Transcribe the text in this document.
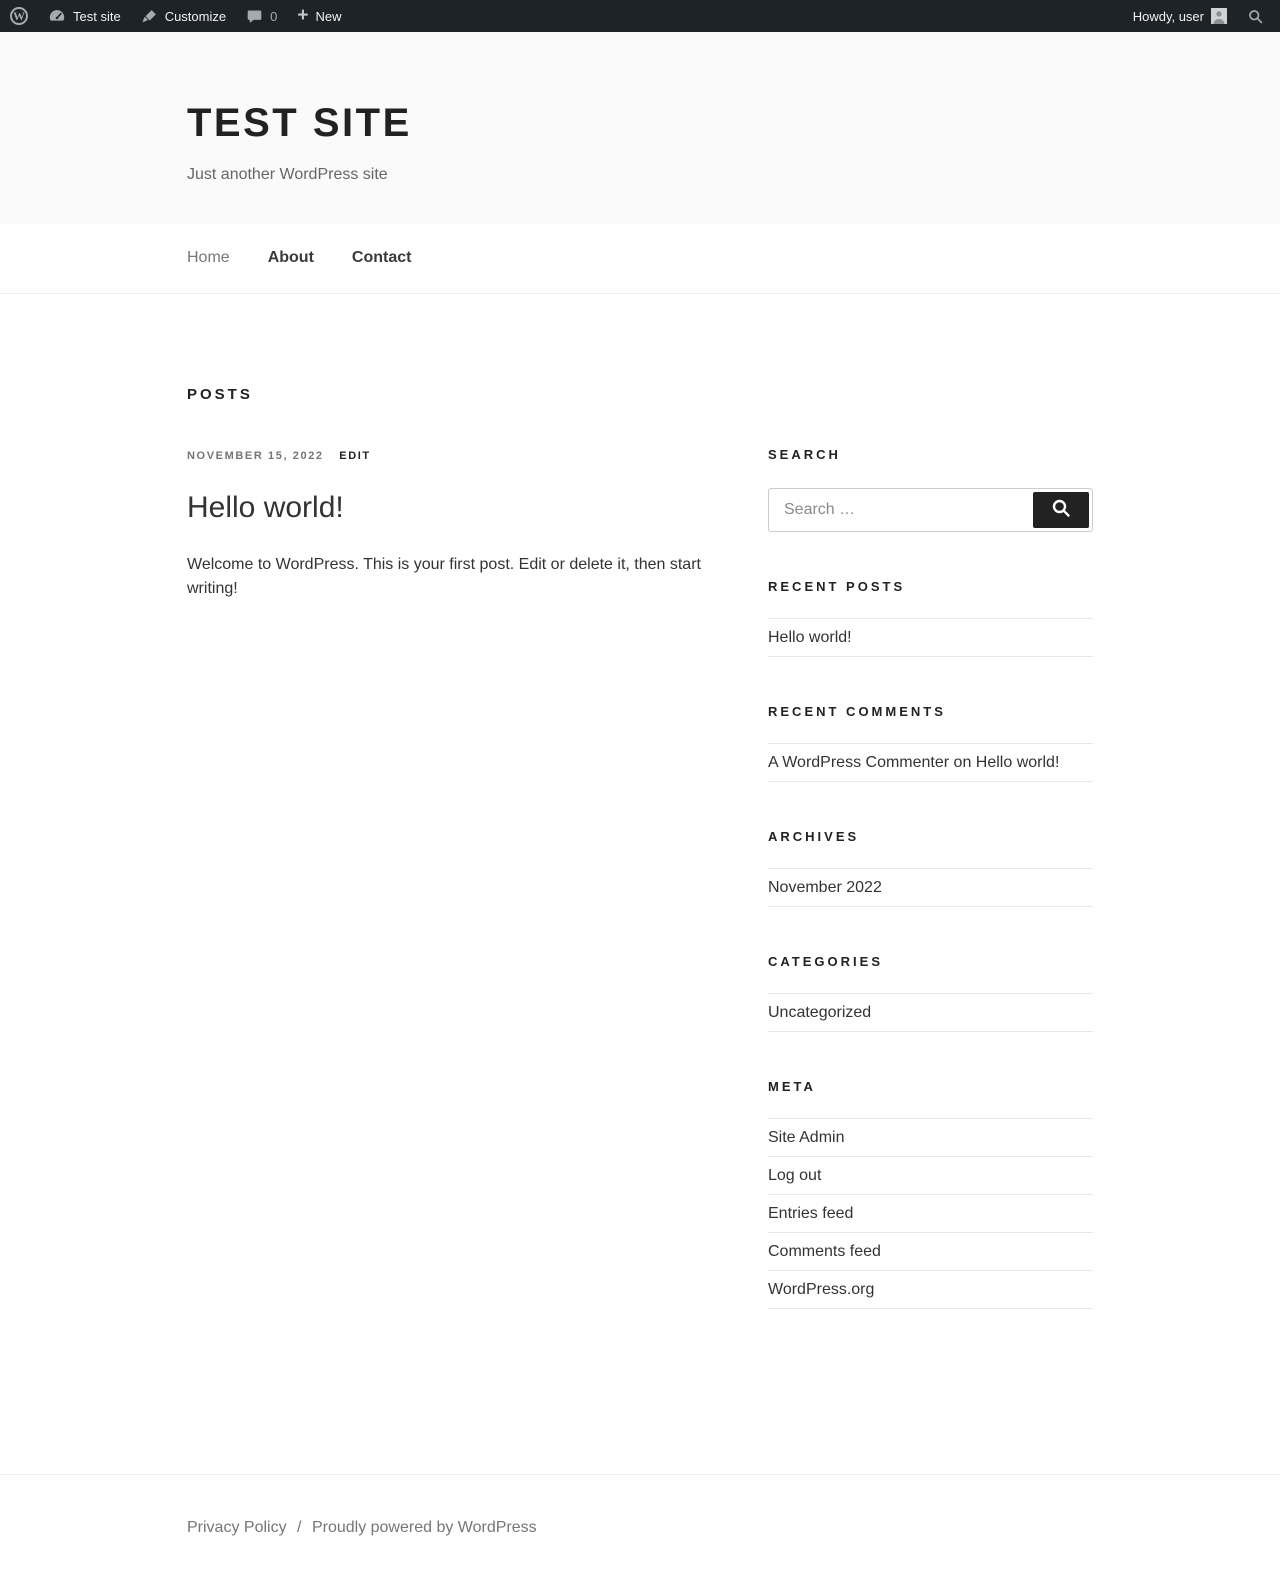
W	Test site	Customize	0 + New	Howdy, user
TEST SITE

Just another WordPress site

Home About Contact
POSTS
NOVEMBER 15, 2022 EDIT
Hello world!

Welcome to WordPress. This is your first post. Edit or delete it, then start writing!

SEARCH
Search …
RECENT POSTS
Hello world!
RECENT COMMENTS
A WordPress Commenter on Hello world!
ARCHIVES
November 2022
CATEGORIES
Uncategorized
META
Site Admin
Log out
Entries feed
Comments feed
WordPress.org
Privacy Policy / Proudly powered by WordPress
